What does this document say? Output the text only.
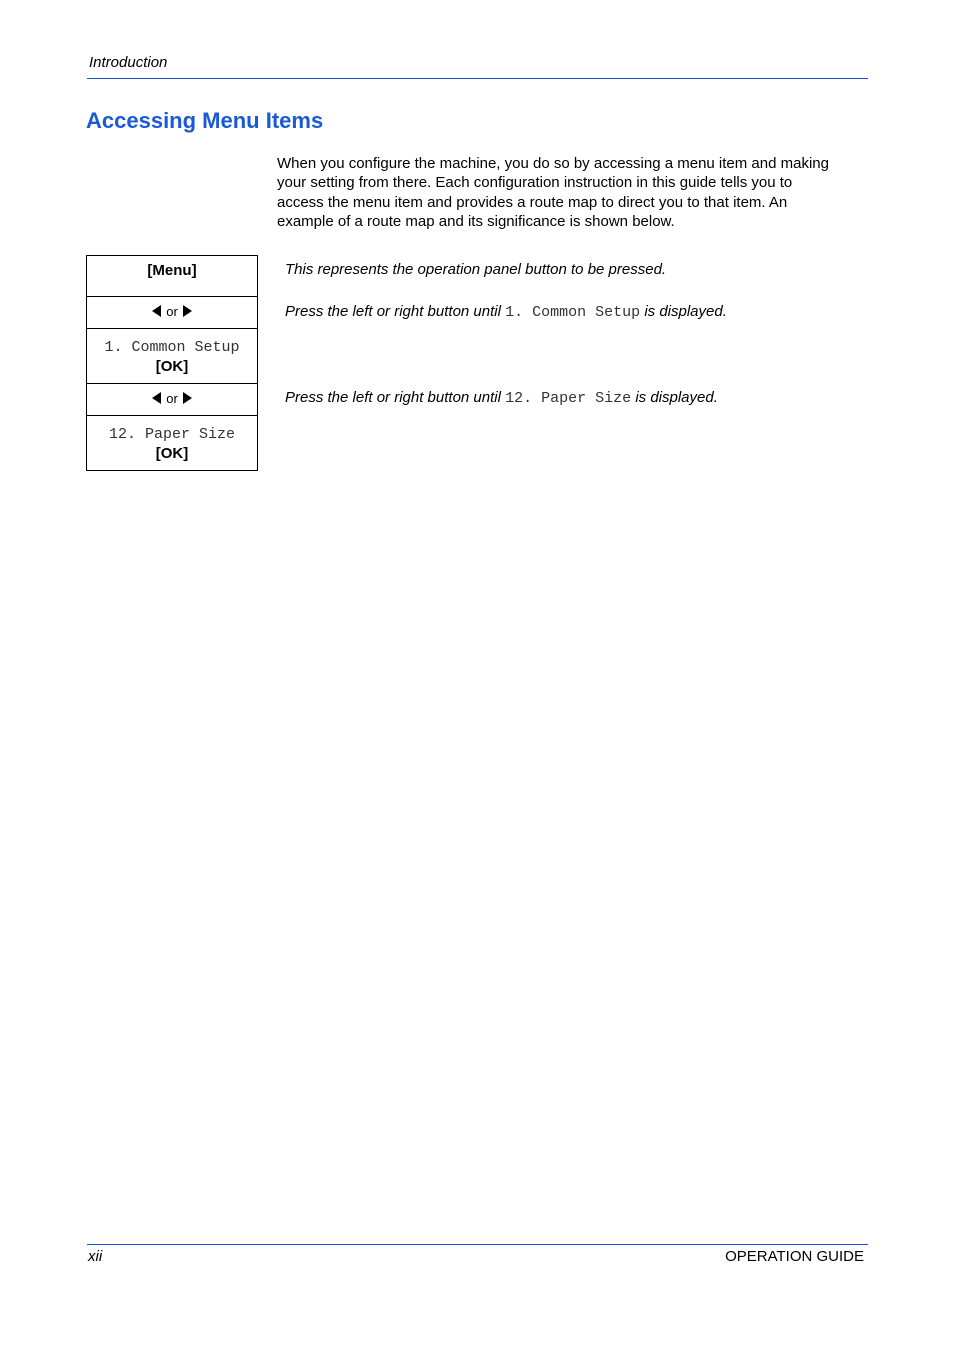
Introduction
Accessing Menu Items
When you configure the machine, you do so by accessing a menu item and making
your setting from there. Each configuration instruction in this guide tells you to
access the menu item and provides a route map to direct you to that item. An
example of a route map and its significance is shown below.
[Menu]

or

1. Common Setup
[OK]

or

12. Paper Size
[OK]
This represents the operation panel button to be pressed.
Press the left or right button until 1. Common Setup is displayed.
Press the left or right button until 12. Paper Size is displayed.
xii	OPERATION GUIDE
